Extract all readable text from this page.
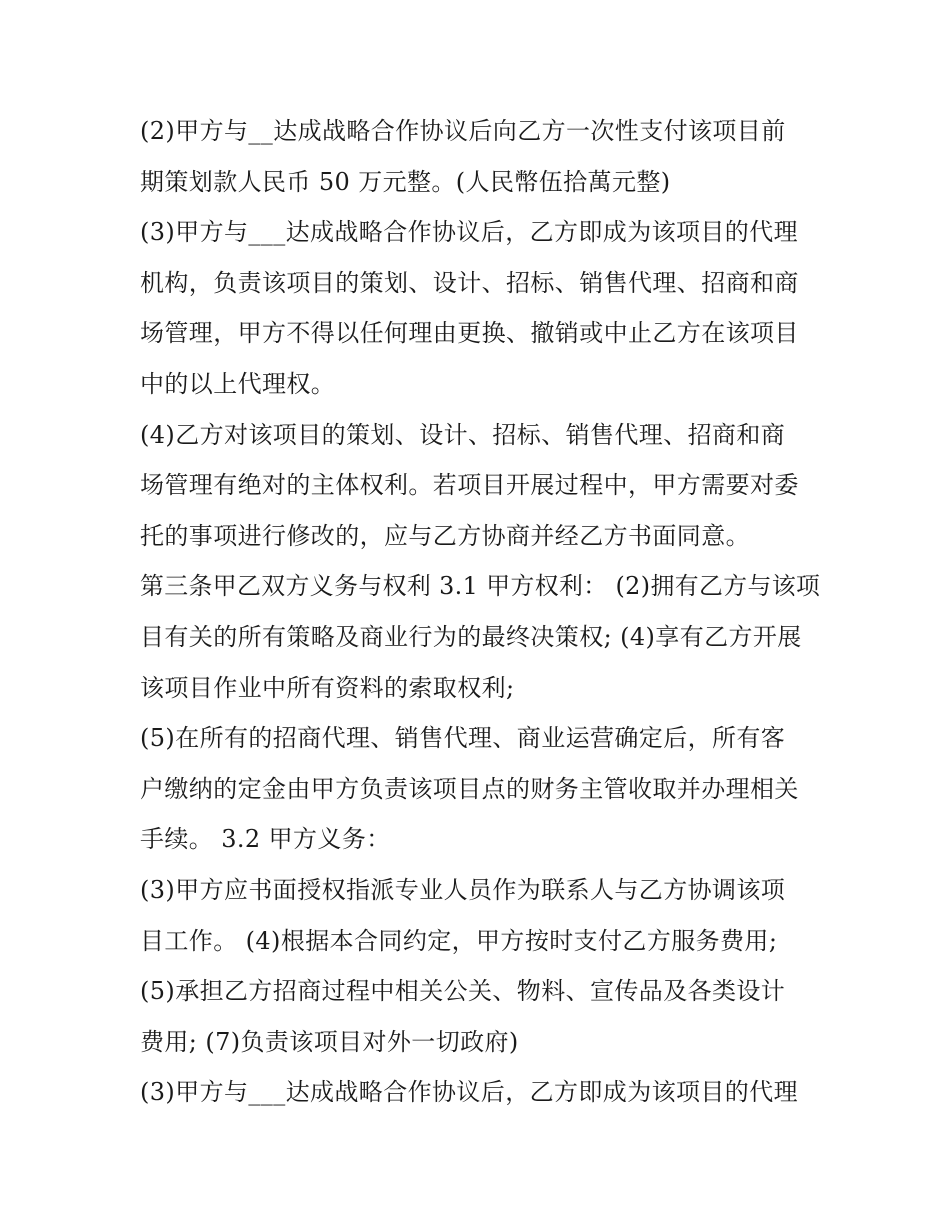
(2)甲方与__达成战略合作协议后向乙方一次性支付该项目前

期策划款人民币 50 万元整。(人民幣伍拾萬元整)

(3)甲方与___达成战略合作协议后，乙方即成为该项目的代理

机构，负责该项目的策划、设计、招标、销售代理、招商和商

场管理，甲方不得以任何理由更换、撤销或中止乙方在该项目

中的以上代理权。

(4)乙方对该项目的策划、设计、招标、销售代理、招商和商

场管理有绝对的主体权利。若项目开展过程中，甲方需要对委

托的事项进行修改的，应与乙方协商并经乙方书面同意。

第三条甲乙双方义务与权利 3.1 甲方权利： (2)拥有乙方与该项

目有关的所有策略及商业行为的最终决策权; (4)享有乙方开展

该项目作业中所有资料的索取权利;

(5)在所有的招商代理、销售代理、商业运营确定后，所有客

户缴纳的定金由甲方负责该项目点的财务主管收取并办理相关

手续。 3.2 甲方义务：

(3)甲方应书面授权指派专业人员作为联系人与乙方协调该项

目工作。 (4)根据本合同约定，甲方按时支付乙方服务费用;

(5)承担乙方招商过程中相关公关、物料、宣传品及各类设计

费用; (7)负责该项目对外一切政府)

(3)甲方与___达成战略合作协议后，乙方即成为该项目的代理
